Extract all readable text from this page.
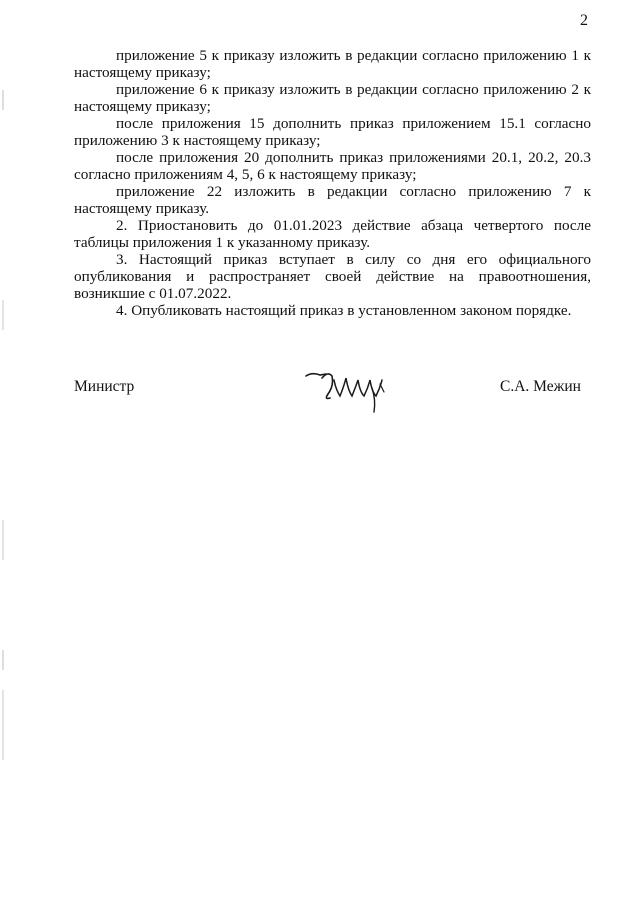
2

приложение 5 к приказу изложить в редакции согласно приложению 1 к настоящему приказу;

приложение 6 к приказу изложить в редакции согласно приложению 2 к настоящему приказу;

после приложения 15 дополнить приказ приложением 15.1 согласно приложению 3 к настоящему приказу;

после приложения 20 дополнить приказ приложениями 20.1, 20.2, 20.3 согласно приложениям 4, 5, 6 к настоящему приказу;

приложение 22 изложить в редакции согласно приложению 7 к настоящему приказу.

2. Приостановить до 01.01.2023 действие абзаца четвертого после таблицы приложения 1 к указанному приказу.

3. Настоящий приказ вступает в силу со дня его официального опубликования и распространяет своей действие на правоотношения, возникшие с 01.07.2022.

4. Опубликовать настоящий приказ в установленном законом порядке.

Министр	С.А. Межин
